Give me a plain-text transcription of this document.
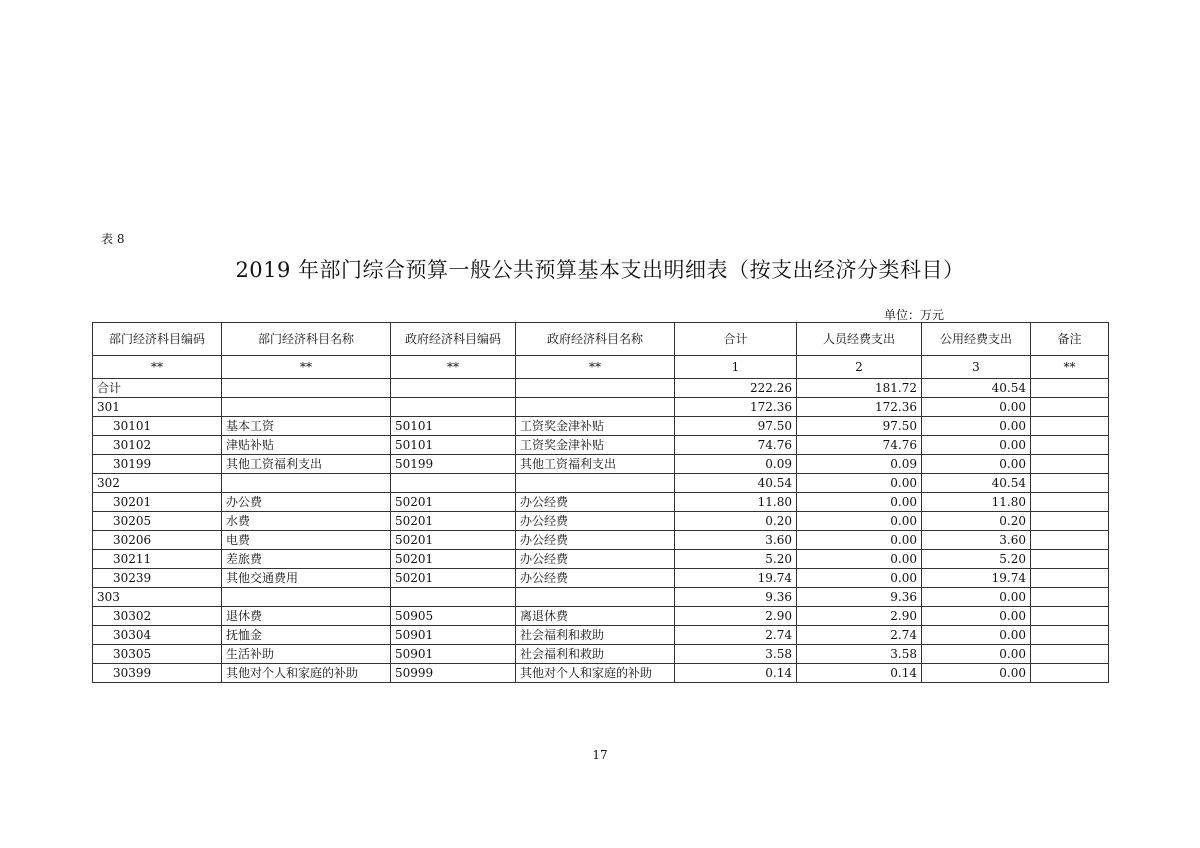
表 8
2019 年部门综合预算一般公共预算基本支出明细表（按支出经济分类科目）
单位：万元
部门经济科目编码	部门经济科目名称	政府经济科目编码	政府经济科目名称	合计	人员经费支出	公用经费支出	备注
**	**	**	**	1	2	3	**
合计				222.26	181.72	40.54	
301				172.36	172.36	0.00	
30101	基本工资	50101	工资奖金津补贴	97.50	97.50	0.00	
30102	津贴补贴	50101	工资奖金津补贴	74.76	74.76	0.00	
30199	其他工资福利支出	50199	其他工资福利支出	0.09	0.09	0.00	
302				40.54	0.00	40.54	
30201	办公费	50201	办公经费	11.80	0.00	11.80	
30205	水费	50201	办公经费	0.20	0.00	0.20	
30206	电费	50201	办公经费	3.60	0.00	3.60	
30211	差旅费	50201	办公经费	5.20	0.00	5.20	
30239	其他交通费用	50201	办公经费	19.74	0.00	19.74	
303				9.36	9.36	0.00	
30302	退休费	50905	离退休费	2.90	2.90	0.00	
30304	抚恤金	50901	社会福利和救助	2.74	2.74	0.00	
30305	生活补助	50901	社会福利和救助	3.58	3.58	0.00	
30399	其他对个人和家庭的补助	50999	其他对个人和家庭的补助	0.14	0.14	0.00	
17
